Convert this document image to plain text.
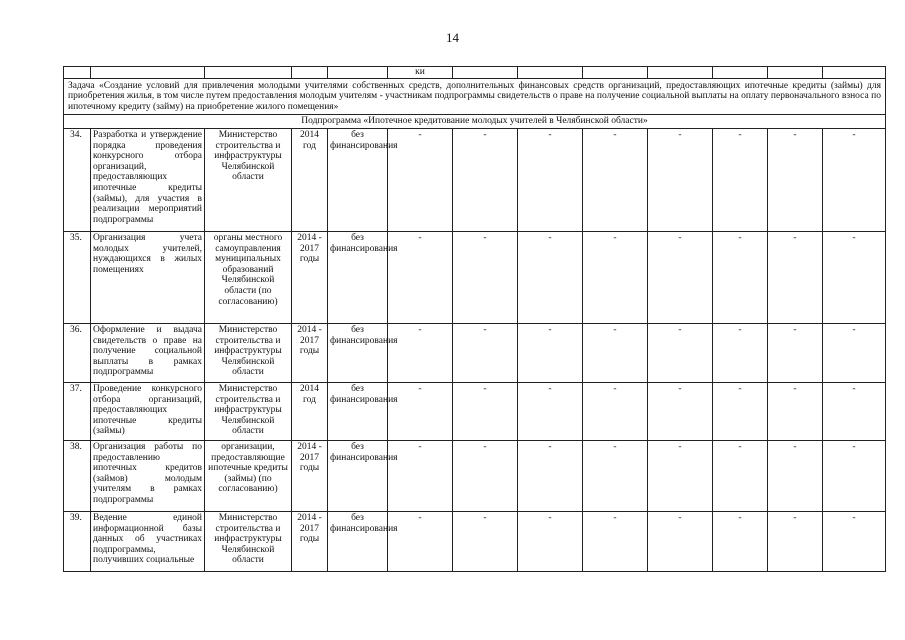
14
					ки							
Задача «Создание условий для привлечения молодыми учителями собственных средств, дополнительных финансовых средств организаций, предоставляющих ипотечные кредиты (займы) для приобретения жилья, в том числе путем предоставления молодым учителям - участникам подпрограммы свидетельств о праве на получение социальной выплаты на оплату первоначального взноса по ипотечному кредиту (займу) на приобретение жилого помещения»												
Подпрограмма «Ипотечное кредитование молодых учителей в Челябинской области»												
34.	Разработка и утверждение порядка проведения конкурсного отбора организаций, предоставляющих ипотечные кредиты (займы), для участия в реализации мероприятий подпрограммы	Министерство строительства и инфраструктуры Челябинской области	2014 год	без финансирования	-	-	-	-	-	-	-	-
35.	Организация учета молодых учителей, нуждающихся в жилых помещениях	органы местного самоуправления муниципальных образований Челябинской области (по согласованию)	2014 - 2017 годы	без финансирования	-	-	-	-	-	-	-	-
36.	Оформление и выдача свидетельств о праве на получение социальной выплаты в рамках подпрограммы	Министерство строительства и инфраструктуры Челябинской области	2014 - 2017 годы	без финансирования	-	-	-	-	-	-	-	-
37.	Проведение конкурсного отбора организаций, предоставляющих ипотечные кредиты (займы)	Министерство строительства и инфраструктуры Челябинской области	2014 год	без финансирования	-	-	-	-	-	-	-	-
38.	Организация работы по предоставлению ипотечных кредитов (займов) молодым учителям в рамках подпрограммы	организации, предоставляющие ипотечные кредиты (займы) (по согласованию)	2014 - 2017 годы	без финансирования	-	-	-	-	-	-	-	-
39.	Ведение единой информационной базы данных об участниках подпрограммы, получивших социальные	Министерство строительства и инфраструктуры Челябинской области	2014 - 2017 годы	без финансирования	-	-	-	-	-	-	-	-
